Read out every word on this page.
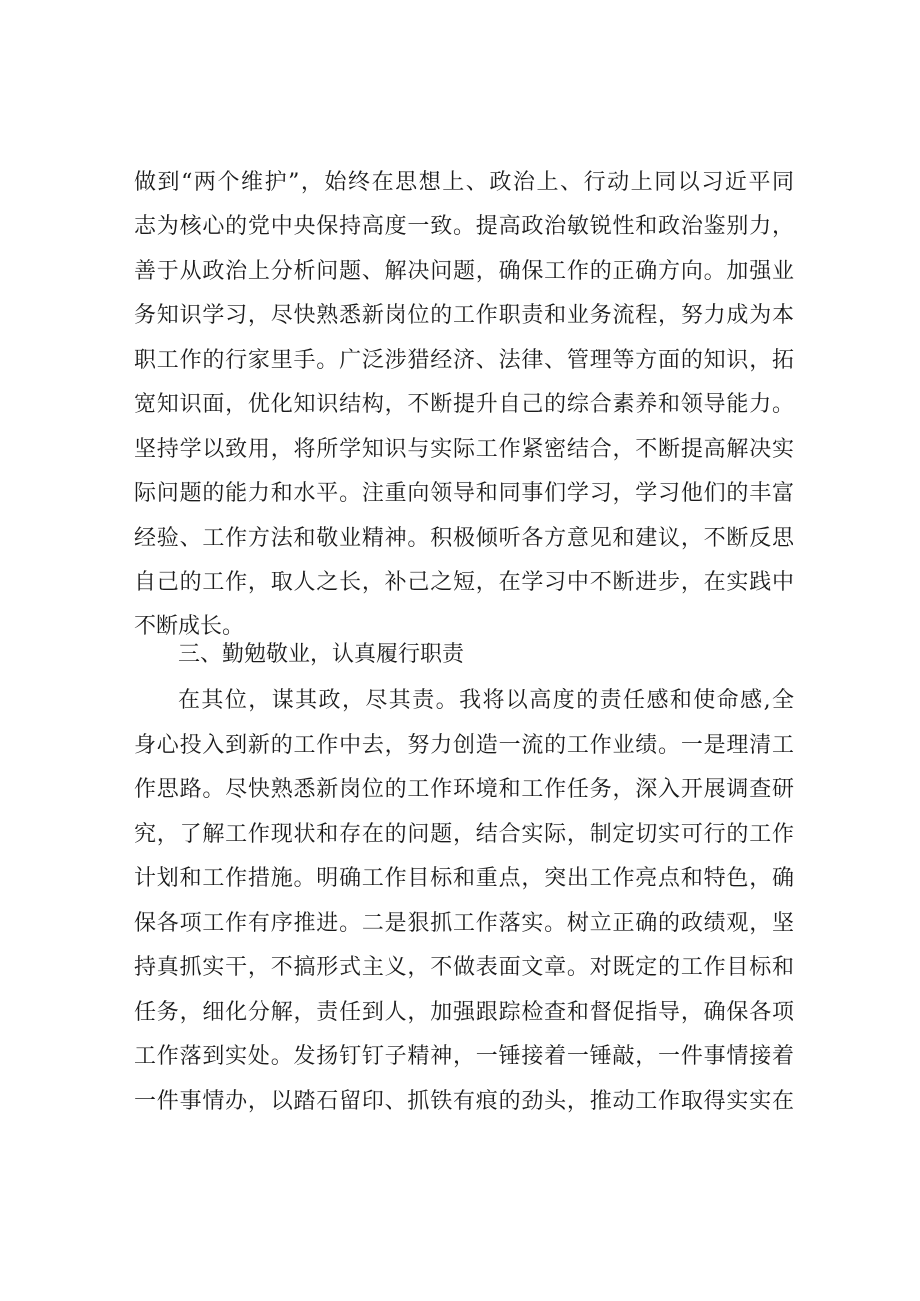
做到“两个维护”，始终在思想上、政治上、行动上同以习近平同
志为核心的党中央保持高度一致。提高政治敏锐性和政治鉴别力，
善于从政治上分析问题、解决问题，确保工作的正确方向。加强业
务知识学习，尽快熟悉新岗位的工作职责和业务流程，努力成为本
职工作的行家里手。广泛涉猎经济、法律、管理等方面的知识，拓
宽知识面，优化知识结构，不断提升自己的综合素养和领导能力。
坚持学以致用，将所学知识与实际工作紧密结合，不断提高解决实
际问题的能力和水平。注重向领导和同事们学习，学习他们的丰富
经验、工作方法和敬业精神。积极倾听各方意见和建议，不断反思
自己的工作，取人之长，补己之短，在学习中不断进步，在实践中
不断成长。
三、勤勉敬业，认真履行职责
在其位，谋其政，尽其责。我将以高度的责任感和使命感,全
身心投入到新的工作中去，努力创造一流的工作业绩。一是理清工
作思路。尽快熟悉新岗位的工作环境和工作任务，深入开展调查研
究，了解工作现状和存在的问题，结合实际，制定切实可行的工作
计划和工作措施。明确工作目标和重点，突出工作亮点和特色，确
保各项工作有序推进。二是狠抓工作落实。树立正确的政绩观，坚
持真抓实干，不搞形式主义，不做表面文章。对既定的工作目标和
任务，细化分解，责任到人，加强跟踪检查和督促指导，确保各项
工作落到实处。发扬钉钉子精神，一锤接着一锤敲，一件事情接着
一件事情办，以踏石留印、抓铁有痕的劲头，推动工作取得实实在
